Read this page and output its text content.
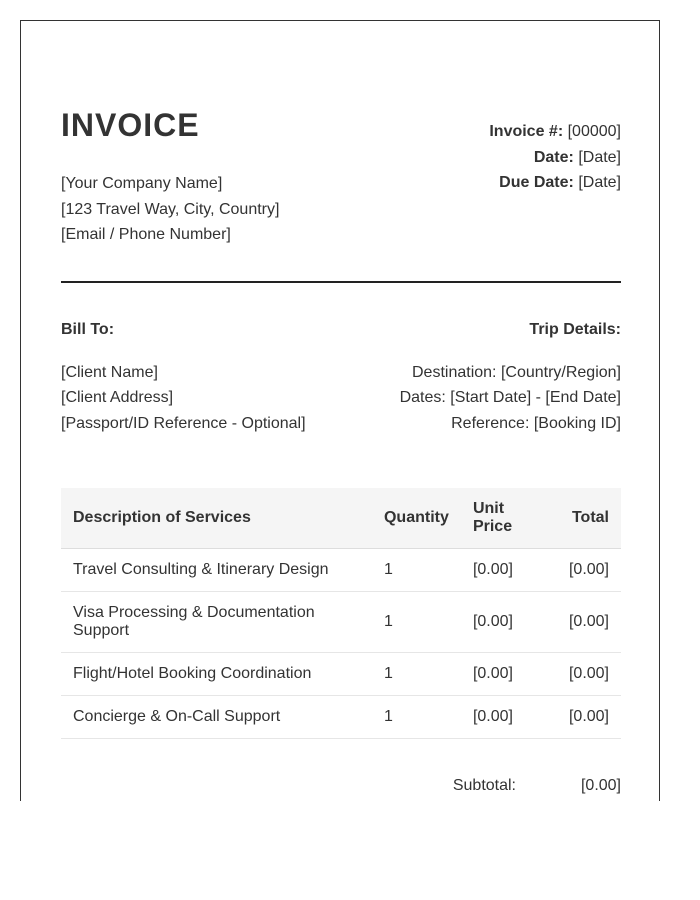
INVOICE
[Your Company Name]
[123 Travel Way, City, Country]
[Email / Phone Number]
Invoice #: [00000]
Date: [Date]
Due Date: [Date]
Bill To:
[Client Name]
[Client Address]
[Passport/ID Reference - Optional]
Trip Details:
Destination: [Country/Region]
Dates: [Start Date] - [End Date]
Reference: [Booking ID]
Description of Services	Quantity	Unit Price	Total
Travel Consulting & Itinerary Design	1	[0.00]	[0.00]
Visa Processing & Documentation Support	1	[0.00]	[0.00]
Flight/Hotel Booking Coordination	1	[0.00]	[0.00]
Concierge & On-Call Support	1	[0.00]	[0.00]
Subtotal:	[0.00]
